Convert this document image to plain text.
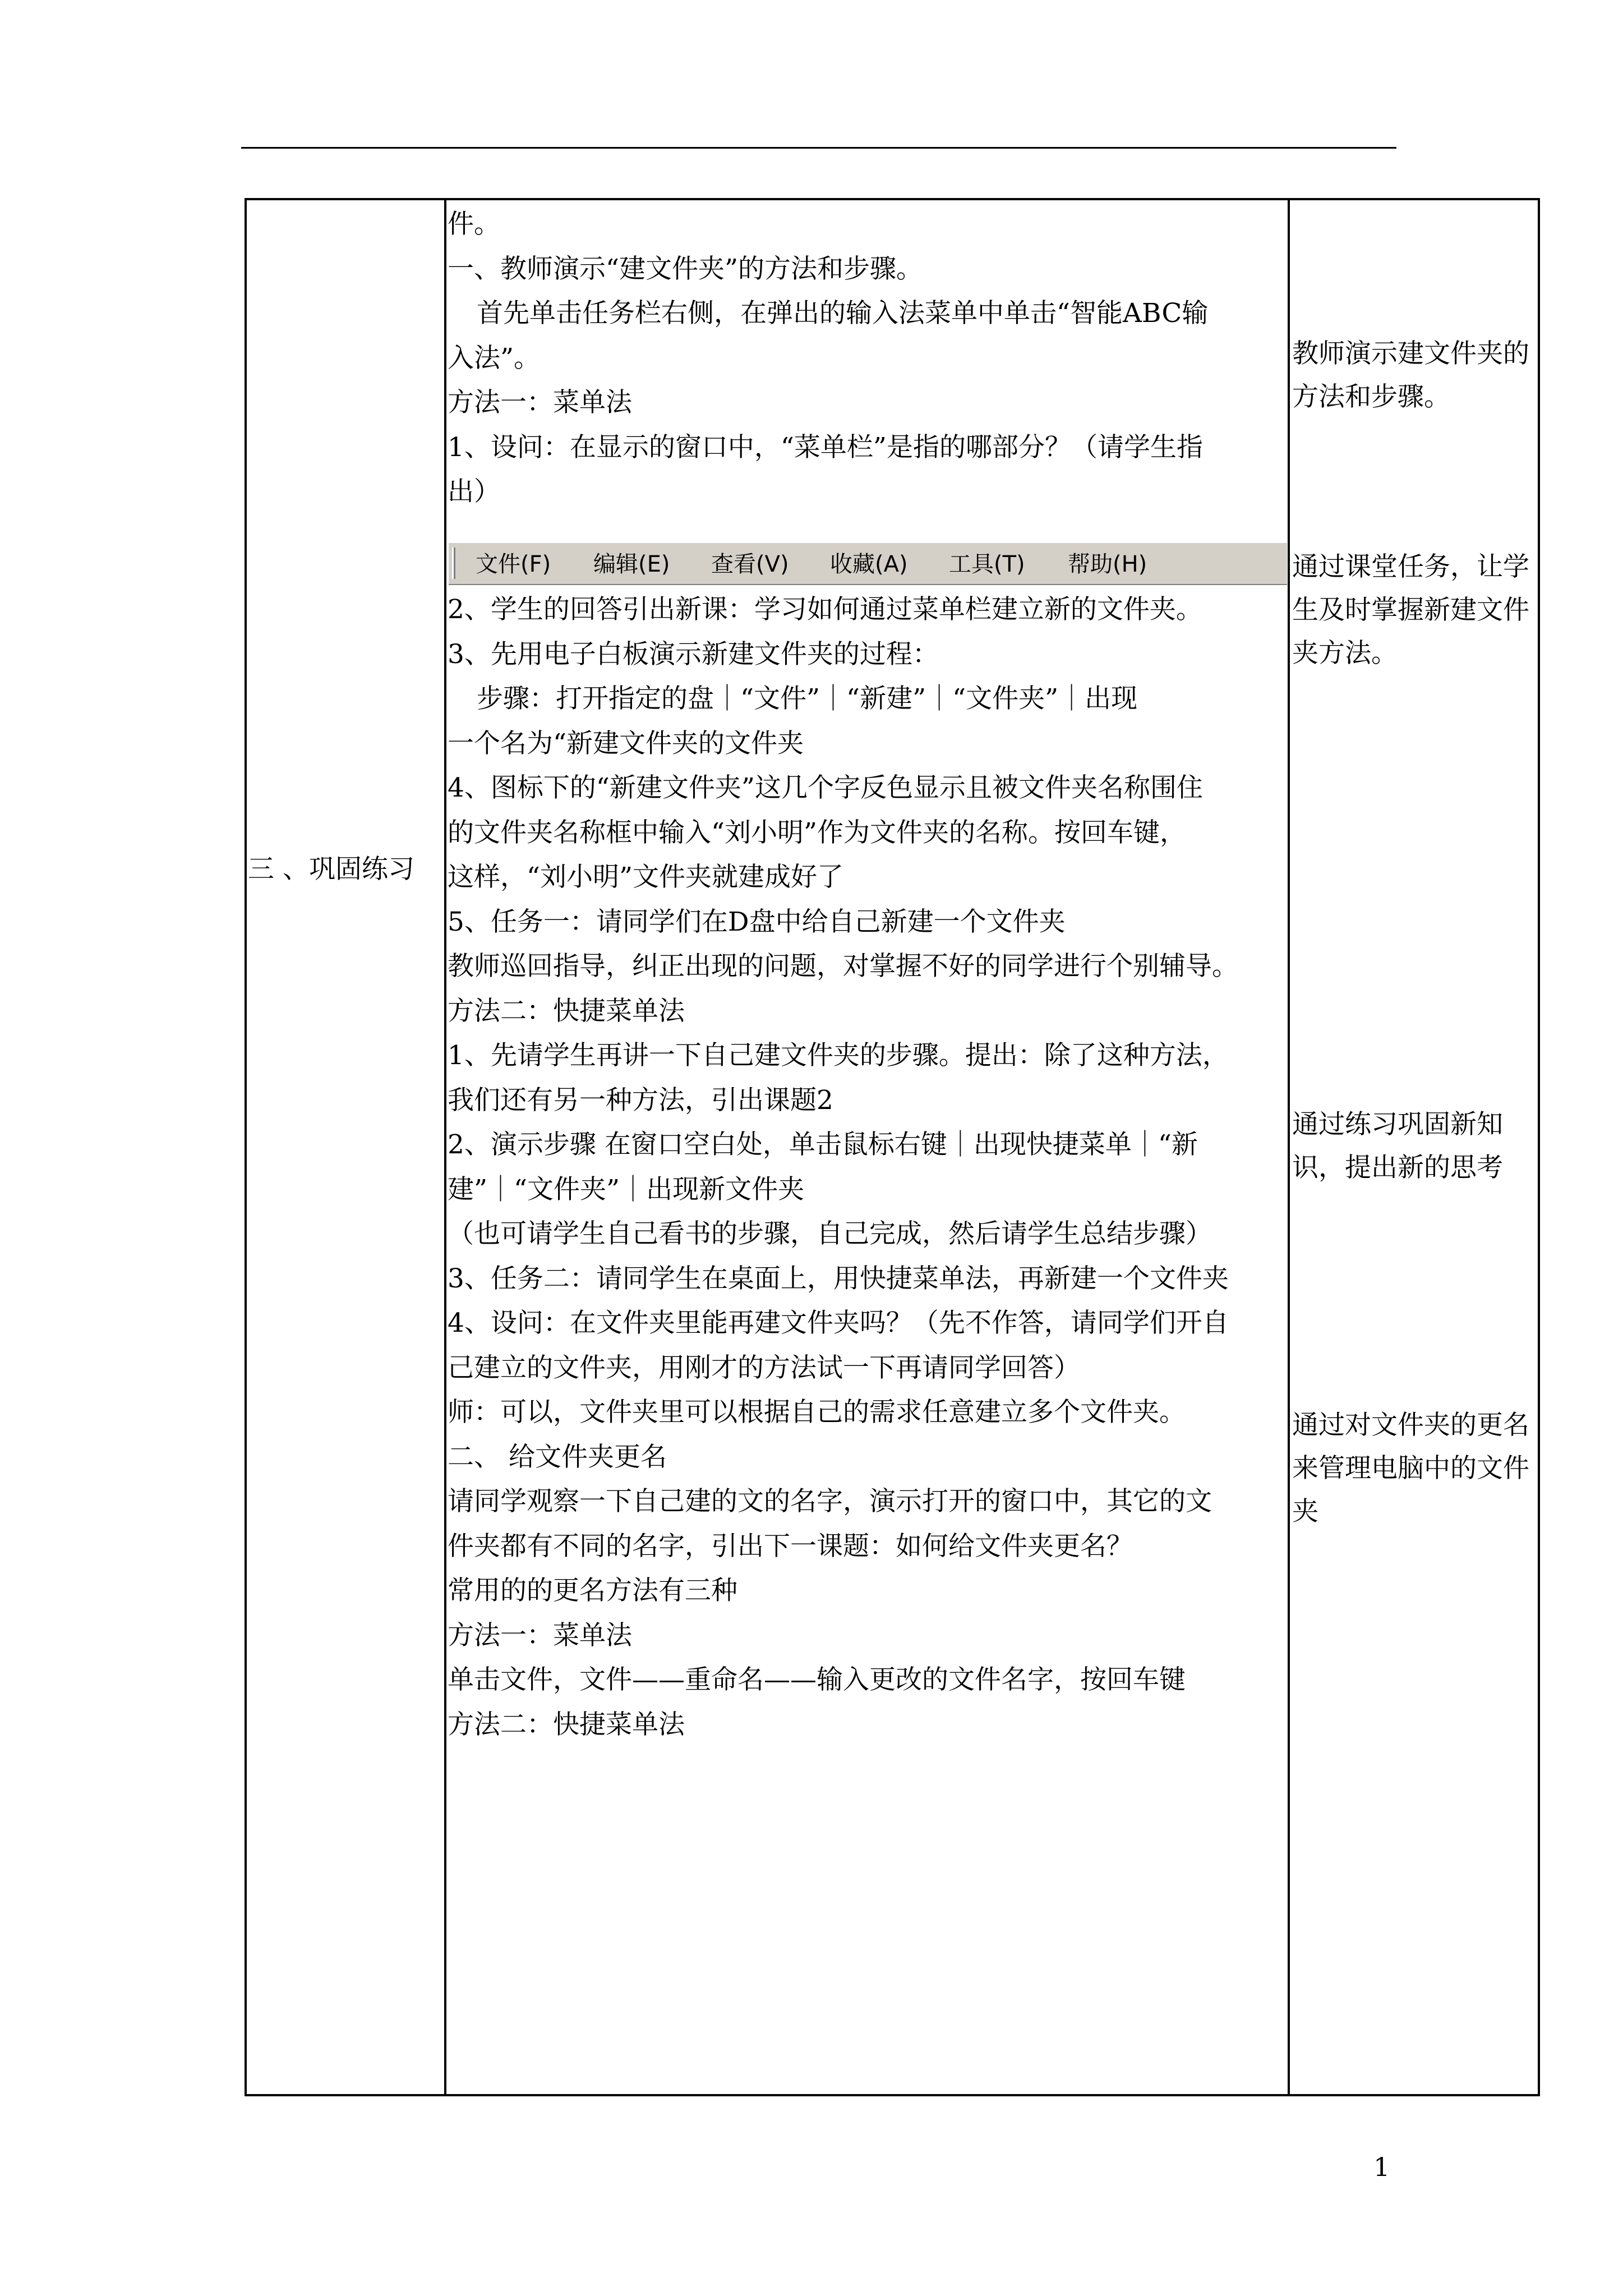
三 、巩固练习
件。
一、教师演示“建文件夹”的方法和步骤。
首先单击任务栏右侧，在弹出的输入法菜单中单击“智能ABC输
入法”。
方法一：菜单法
1、设问：在显示的窗口中，“菜单栏”是指的哪部分？（请学生指
出）
文件(F) 编辑(E) 查看(V) 收藏(A) 工具(T) 帮助(H)
2、学生的回答引出新课：学习如何通过菜单栏建立新的文件夹。
3、先用电子白板演示新建文件夹的过程：
步骤：打开指定的盘｜“文件”｜“新建”｜“文件夹”｜出现
一个名为“新建文件夹的文件夹
4、图标下的“新建文件夹”这几个字反色显示且被文件夹名称围住
的文件夹名称框中输入“刘小明”作为文件夹的名称。按回车键，
这样，“刘小明”文件夹就建成好了
5、任务一：请同学们在D盘中给自己新建一个文件夹
教师巡回指导，纠正出现的问题，对掌握不好的同学进行个别辅导。
方法二：快捷菜单法
1、先请学生再讲一下自己建文件夹的步骤。提出：除了这种方法，
我们还有另一种方法，引出课题2
2、演示步骤 在窗口空白处，单击鼠标右键｜出现快捷菜单｜“新
建”｜“文件夹”｜出现新文件夹
（也可请学生自己看书的步骤，自己完成，然后请学生总结步骤）
3、任务二：请同学生在桌面上，用快捷菜单法，再新建一个文件夹
4、设问：在文件夹里能再建文件夹吗？（先不作答，请同学们开自
己建立的文件夹，用刚才的方法试一下再请同学回答）
师：可以，文件夹里可以根据自己的需求任意建立多个文件夹。
二、 给文件夹更名
请同学观察一下自己建的文的名字，演示打开的窗口中，其它的文
件夹都有不同的名字，引出下一课题：如何给文件夹更名？
常用的的更名方法有三种
方法一：菜单法
单击文件，文件——重命名——输入更改的文件名字，按回车键
方法二：快捷菜单法
教师演示建文件夹的方法和步骤。
通过课堂任务，让学生及时掌握新建文件夹方法。
通过练习巩固新知识，提出新的思考
通过对文件夹的更名来管理电脑中的文件夹
1
